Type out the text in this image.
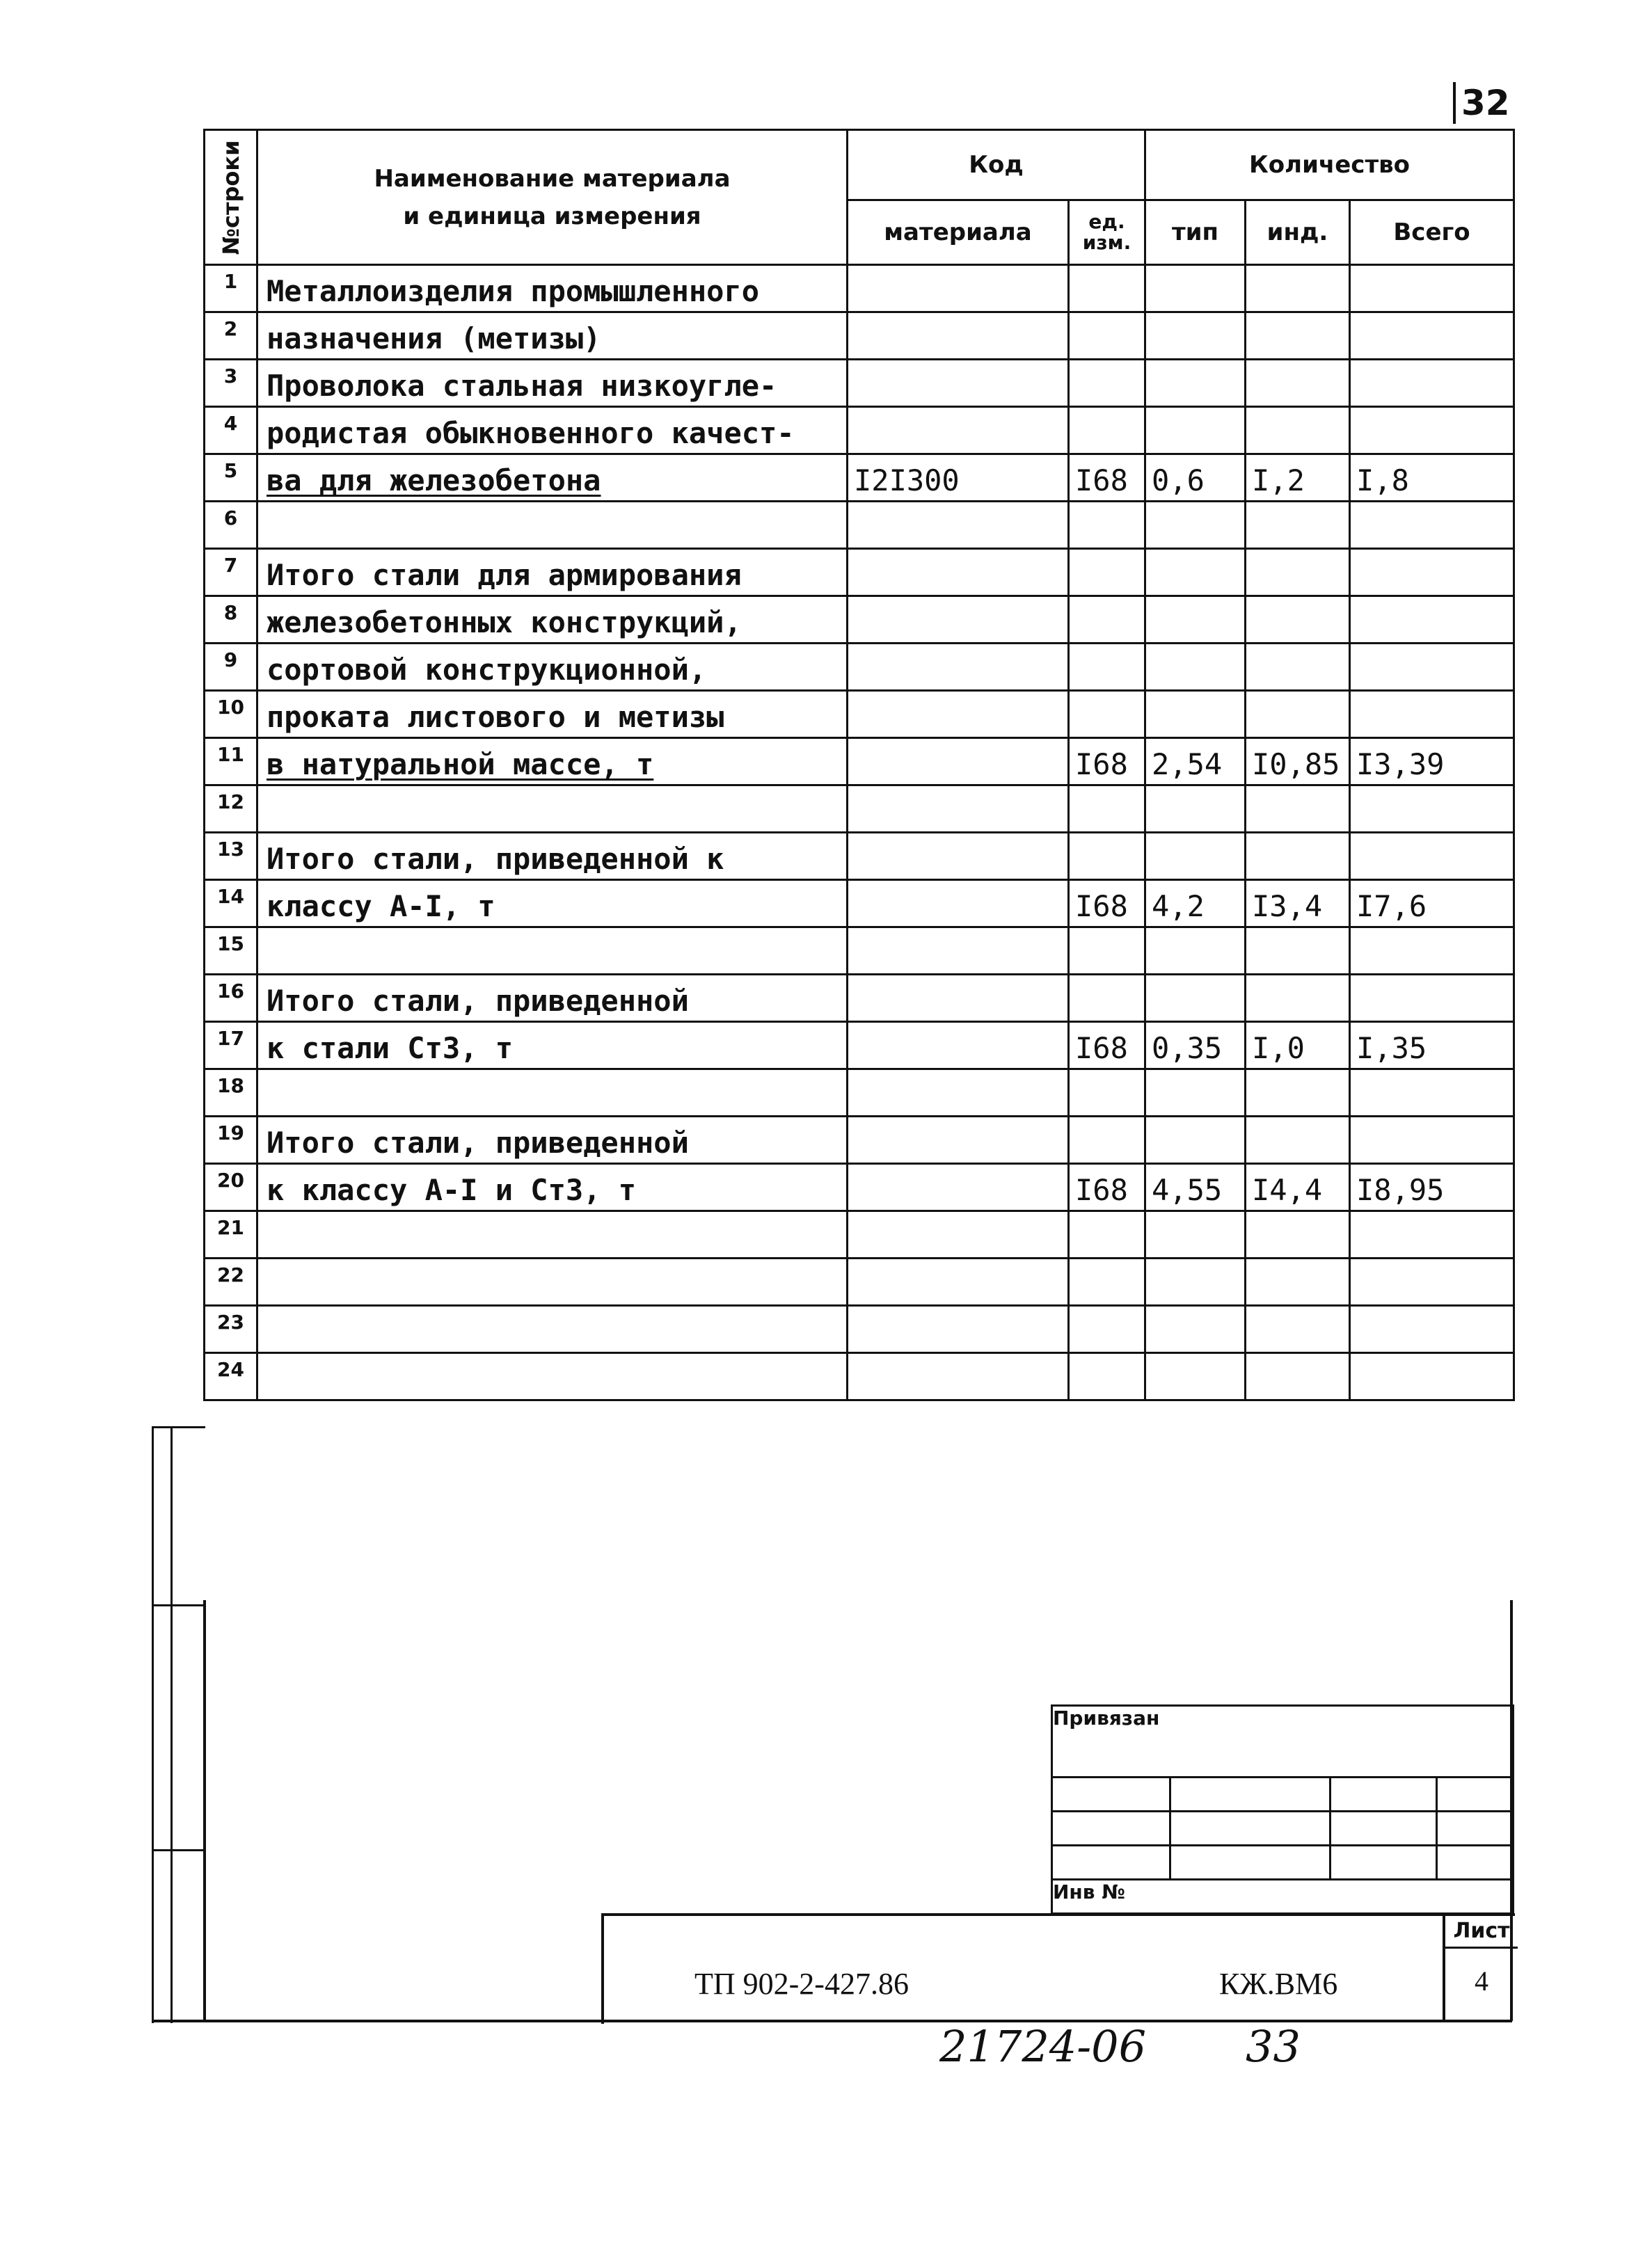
32
№строки	Наименование материала
и единица измерения	Код		Количество		
		материала	ед.
изм.	тип	инд.	Всего
1	Металлоизделия промышленного					
2	назначения (метизы)					
3	Проволока стальная низкоугле-					
4	родистая обыкновенного качест-					
5	ва для железобетона	I2I300	I68	0,6	I,2	I,8
6						
7	Итого стали для армирования					
8	железобетонных конструкций,					
9	сортовой конструкционной,					
10	проката листового и метизы					
11	в натуральной массе, т		I68	2,54	I0,85	I3,39
12						
13	Итого стали, приведенной к					
14	классу А-I, т		I68	4,2	I3,4	I7,6
15						
16	Итого стали, приведенной					
17	к стали Ст3, т		I68	0,35	I,0	I,35
18						
19	Итого стали, приведенной					
20	к классу А-I и Ст3, т		I68	4,55	I4,4	I8,95
21						
22						
23						
24						
Привязан			

Инв №			
ТП 902-2-427.86	КЖ.ВМ6
Лист
4
21724-06 33
